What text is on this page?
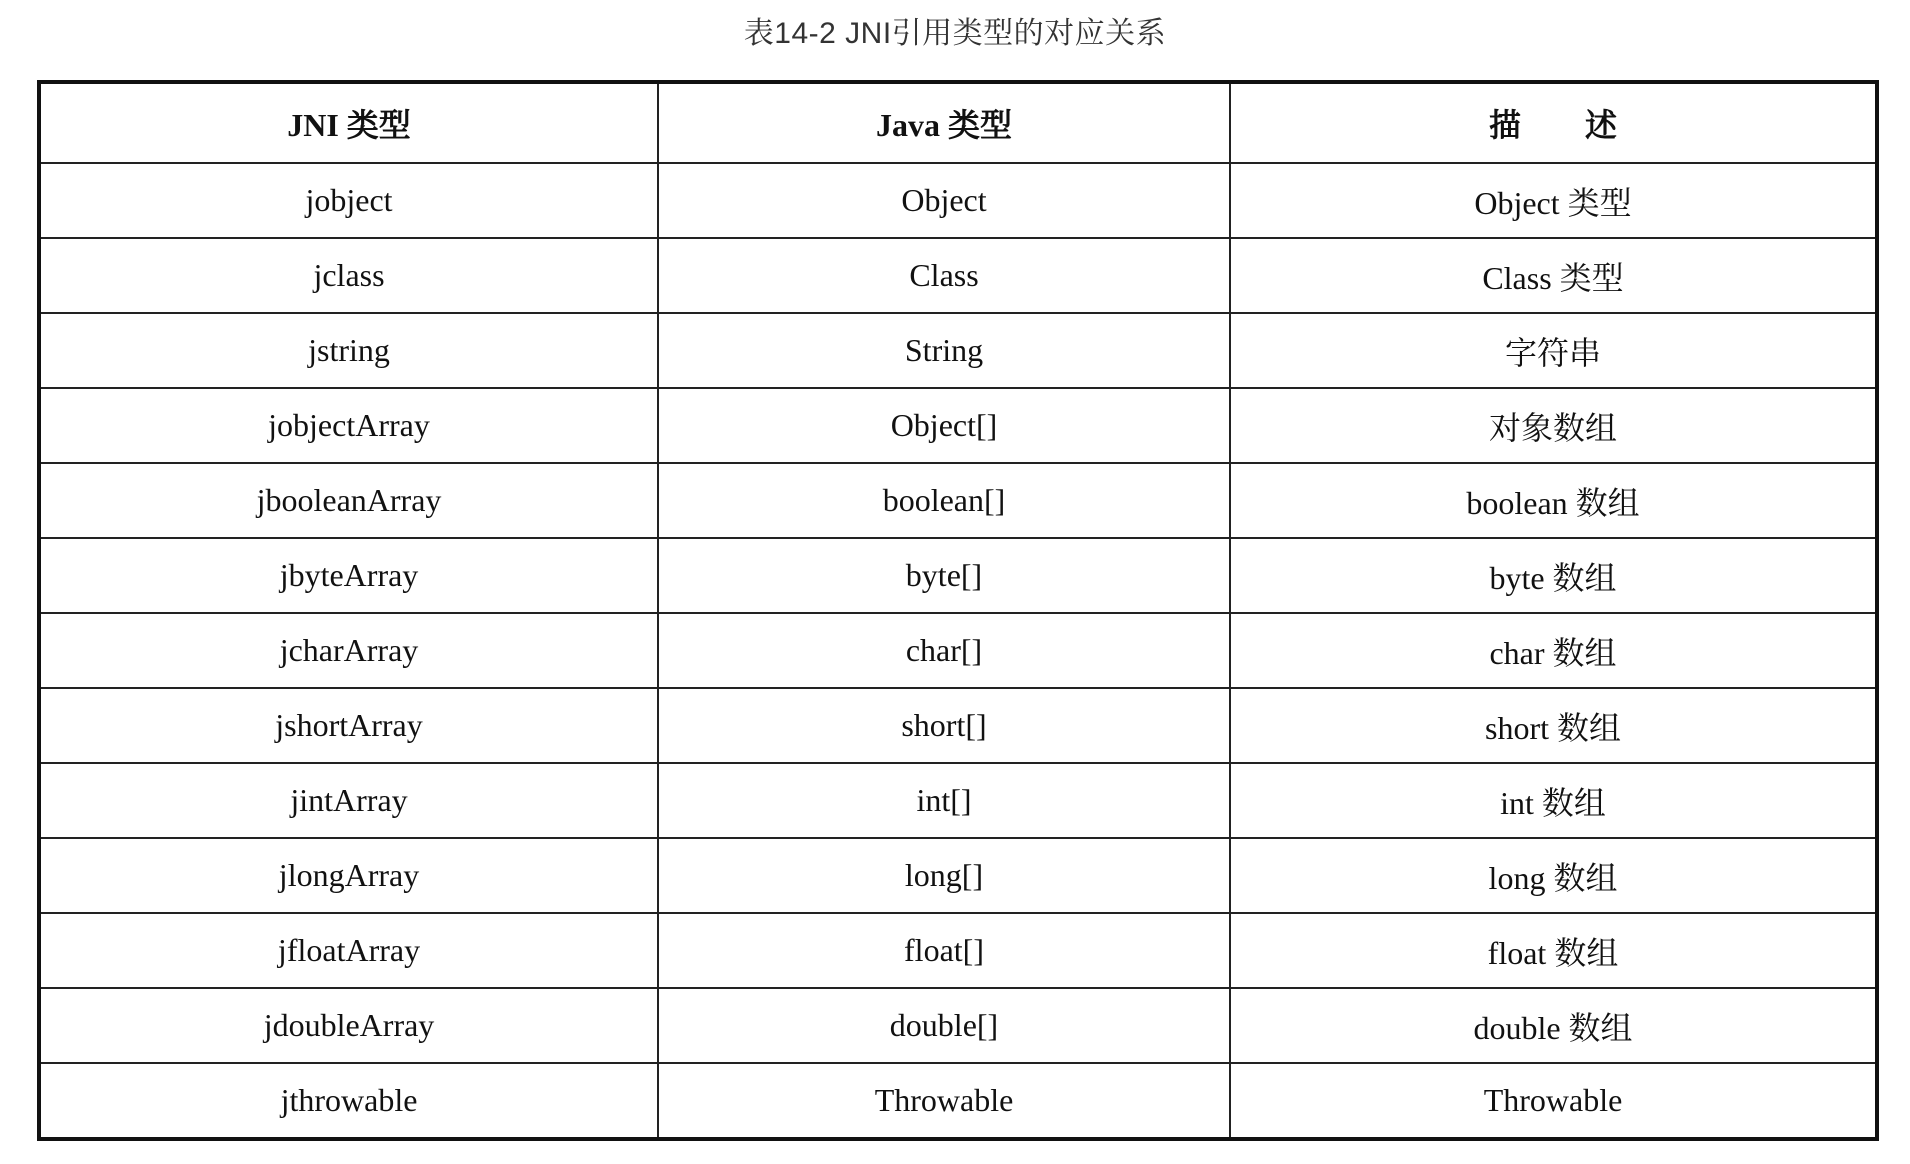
表14-2 JNI引用类型的对应关系
JNI 类型	Java 类型	描　　述
jobject	Object	Object 类型
jclass	Class	Class 类型
jstring	String	字符串
jobjectArray	Object[]	对象数组
jbooleanArray	boolean[]	boolean 数组
jbyteArray	byte[]	byte 数组
jcharArray	char[]	char 数组
jshortArray	short[]	short 数组
jintArray	int[]	int 数组
jlongArray	long[]	long 数组
jfloatArray	float[]	float 数组
jdoubleArray	double[]	double 数组
jthrowable	Throwable	Throwable
